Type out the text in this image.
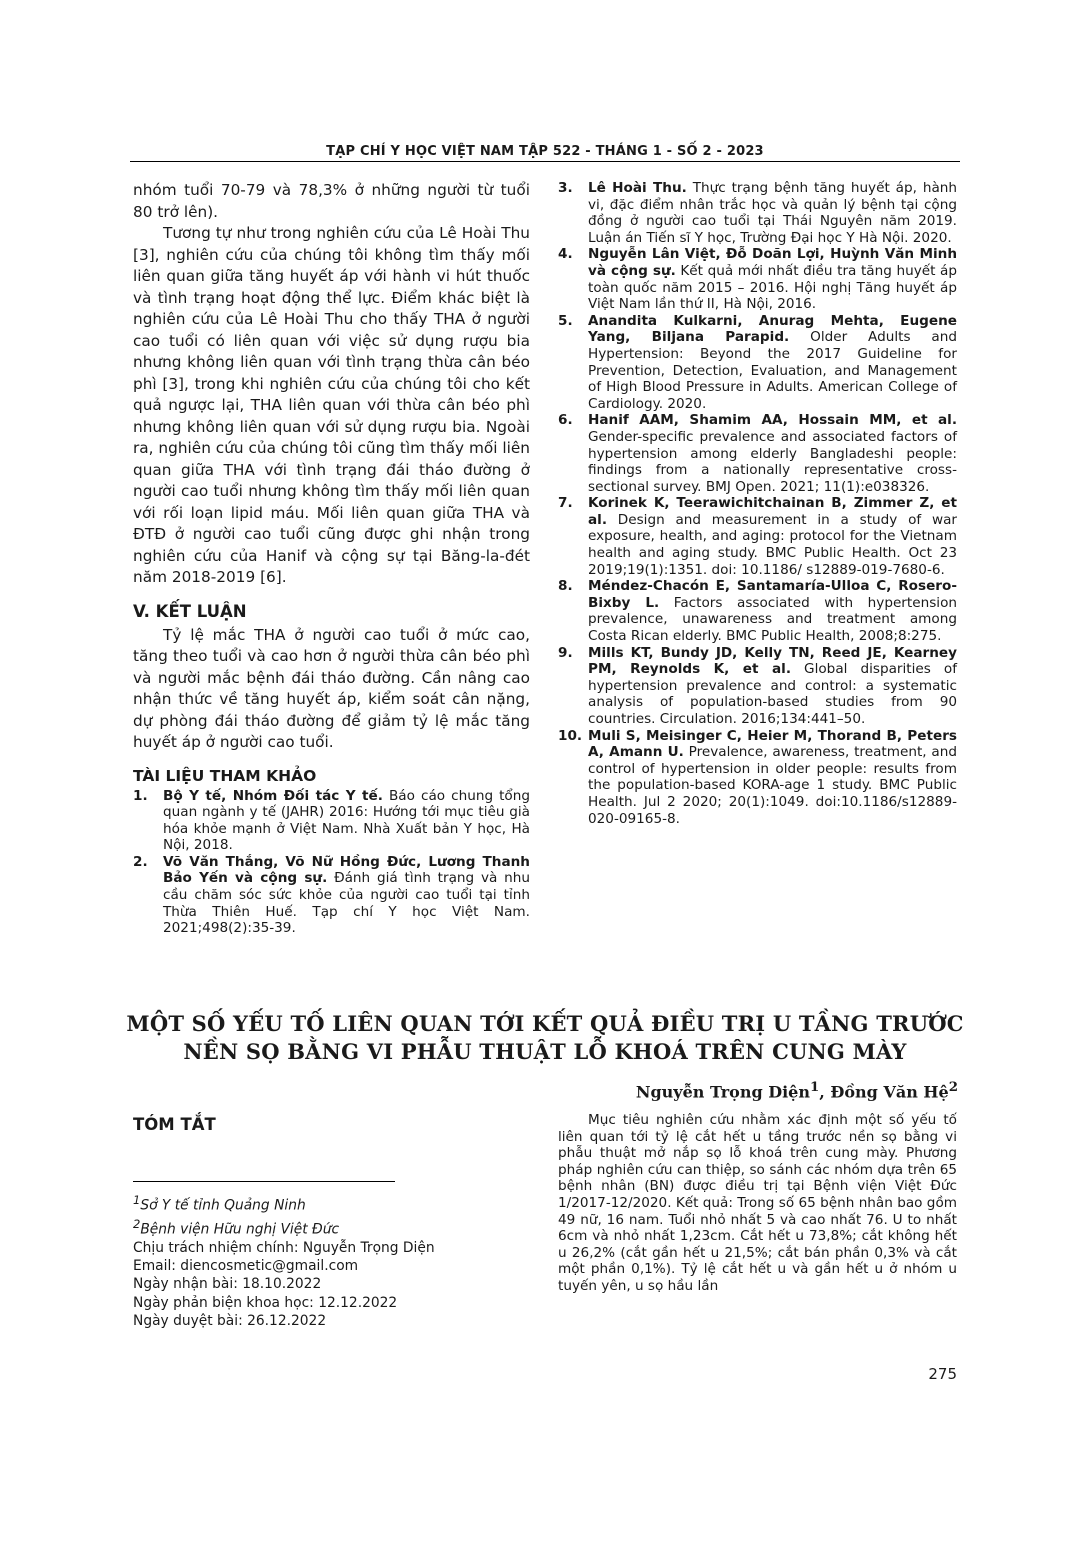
TẠP CHÍ Y HỌC VIỆT NAM TẬP 522 - THÁNG 1 - SỐ 2 - 2023

nhóm tuổi 70-79 và 78,3% ở những người từ tuổi 80 trở lên).

Tương tự như trong nghiên cứu của Lê Hoài Thu [3], nghiên cứu của chúng tôi không tìm thấy mối liên quan giữa tăng huyết áp với hành vi hút thuốc và tình trạng hoạt động thể lực. Điểm khác biệt là nghiên cứu của Lê Hoài Thu cho thấy THA ở người cao tuổi có liên quan với việc sử dụng rượu bia nhưng không liên quan với tình trạng thừa cân béo phì [3], trong khi nghiên cứu của chúng tôi cho kết quả ngược lại, THA liên quan với thừa cân béo phì nhưng không liên quan với sử dụng rượu bia. Ngoài ra, nghiên cứu của chúng tôi cũng tìm thấy mối liên quan giữa THA với tình trạng đái tháo đường ở người cao tuổi nhưng không tìm thấy mối liên quan với rối loạn lipid máu. Mối liên quan giữa THA và ĐTĐ ở người cao tuổi cũng được ghi nhận trong nghiên cứu của Hanif và cộng sự tại Băng-la-đét năm 2018-2019 [6].

V. KẾT LUẬN

Tỷ lệ mắc THA ở người cao tuổi ở mức cao, tăng theo tuổi và cao hơn ở người thừa cân béo phì và người mắc bệnh đái tháo đường. Cần nâng cao nhận thức về tăng huyết áp, kiểm soát cân nặng, dự phòng đái tháo đường để giảm tỷ lệ mắc tăng huyết áp ở người cao tuổi.

TÀI LIỆU THAM KHẢO
1.	Bộ Y tế, Nhóm Đối tác Y tế. Báo cáo chung tổng quan ngành y tế (JAHR) 2016: Hướng tới mục tiêu già hóa khỏe mạnh ở Việt Nam. Nhà Xuất bản Y học, Hà Nội, 2018.
2.	Võ Văn Thắng, Võ Nữ Hồng Đức, Lương Thanh Bảo Yến và cộng sự. Đánh giá tình trạng và nhu cầu chăm sóc sức khỏe của người cao tuổi tại tỉnh Thừa Thiên Huế. Tạp chí Y học Việt Nam. 2021;498(2):35-39.
3.	Lê Hoài Thu. Thực trạng bệnh tăng huyết áp, hành vi, đặc điểm nhân trắc học và quản lý bệnh tại cộng đồng ở người cao tuổi tại Thái Nguyên năm 2019. Luận án Tiến sĩ Y học, Trường Đại học Y Hà Nội. 2020.
4.	Nguyễn Lân Việt, Đỗ Doãn Lợi, Huỳnh Văn Minh và cộng sự. Kết quả mới nhất điều tra tăng huyết áp toàn quốc năm 2015 – 2016. Hội nghị Tăng huyết áp Việt Nam lần thứ II, Hà Nội, 2016.
5.	Anandita Kulkarni, Anurag Mehta, Eugene Yang, Biljana Parapid. Older Adults and Hypertension: Beyond the 2017 Guideline for Prevention, Detection, Evaluation, and Management of High Blood Pressure in Adults. American College of Cardiology. 2020.
6.	Hanif AAM, Shamim AA, Hossain MM, et al. Gender-specific prevalence and associated factors of hypertension among elderly Bangladeshi people: findings from a nationally representative cross-sectional survey. BMJ Open. 2021; 11(1):e038326.
7.	Korinek K, Teerawichitchainan B, Zimmer Z, et al. Design and measurement in a study of war exposure, health, and aging: protocol for the Vietnam health and aging study. BMC Public Health. Oct 23 2019;19(1):1351. doi: 10.1186/ s12889-019-7680-6.
8.	Méndez-Chacón E, Santamaría-Ulloa C, Rosero-Bixby L. Factors associated with hypertension prevalence, unawareness and treatment among Costa Rican elderly. BMC Public Health, 2008;8:275.
9.	Mills KT, Bundy JD, Kelly TN, Reed JE, Kearney PM, Reynolds K, et al. Global disparities of hypertension prevalence and control: a systematic analysis of population-based studies from 90 countries. Circulation. 2016;134:441–50.
10. Muli S, Meisinger C, Heier M, Thorand B, Peters A, Amann U. Prevalence, awareness, treatment, and control of hypertension in older people: results from the population-based KORA-age 1 study. BMC Public Health. Jul 2 2020; 20(1):1049. doi:10.1186/s12889-020-09165-8.
MỘT SỐ YẾU TỐ LIÊN QUAN TỚI KẾT QUẢ ĐIỀU TRỊ U TẦNG TRƯỚC
NỀN SỌ BẰNG VI PHẪU THUẬT LỖ KHOÁ TRÊN CUNG MÀY
Nguyễn Trọng Diện$^1$, Đồng Văn Hệ$^2$
TÓM TẮT	Mục tiêu nghiên cứu nhằm xác định một số yếu tố liên quan tới tỷ lệ cắt hết u tầng trước nền sọ bằng vi phẫu thuật mở nắp sọ lỗ khoá trên cung mày. Phương pháp nghiên cứu can thiệp, so sánh các nhóm dựa trên 65 bệnh nhân (BN) được điều trị tại Bệnh viện Việt Đức 1/2017-12/2020. Kết quả: Trong số 65 bệnh nhân bao gồm 49 nữ, 16 nam. Tuổi nhỏ nhất 5 và cao nhất 76. U to nhất 6cm và nhỏ nhất 1,23cm. Cắt hết u 73,8%; cắt không hết u 26,2% (cắt gần hết u 21,5%; cắt bán phần 0,3% và cắt một phần 0,1%). Tỷ lệ cắt hết u và gần hết u ở nhóm u tuyến yên, u sọ hầu lần

$^1$Sở Y tế tỉnh Quảng Ninh
$^2$Bệnh viện Hữu nghị Việt Đức
Chịu trách nhiệm chính: Nguyễn Trọng Diện
Email: diencosmetic@gmail.com
Ngày nhận bài: 18.10.2022
Ngày phản biện khoa học: 12.12.2022
Ngày duyệt bài: 26.12.2022
275
